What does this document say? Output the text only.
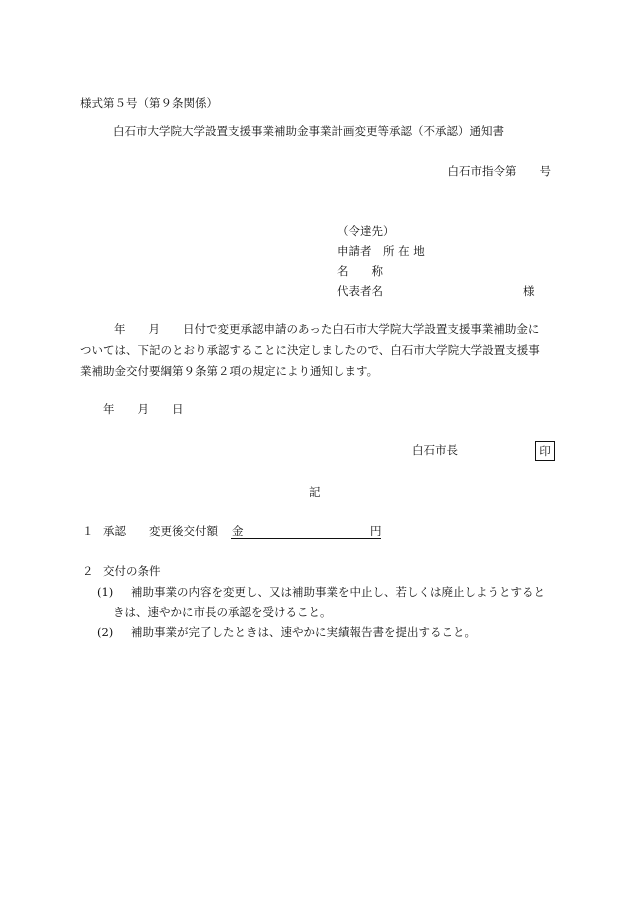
様式第５号（第９条関係）
白石市大学院大学設置支援事業補助金事業計画変更等承認（不承認）通知書
白石市指令第　　号
（令達先）
申請者　所 在 地
名　　称
代表者名	様
年　　月　　日付で変更承認申請のあった白石市大学院大学設置支援事業補助金に
ついては、下記のとおり承認することに決定しましたので、白石市大学院大学設置支援事
業補助金交付要綱第９条第２項の規定により通知します。
年　　月　　日
白石市長	印
記
１ 承認 変更後交付額 金	円
２ 交付の条件
(1) 補助事業の内容を変更し、又は補助事業を中止し、若しくは廃止しようとすると
きは、速やかに市長の承認を受けること。
(2) 補助事業が完了したときは、速やかに実績報告書を提出すること。
